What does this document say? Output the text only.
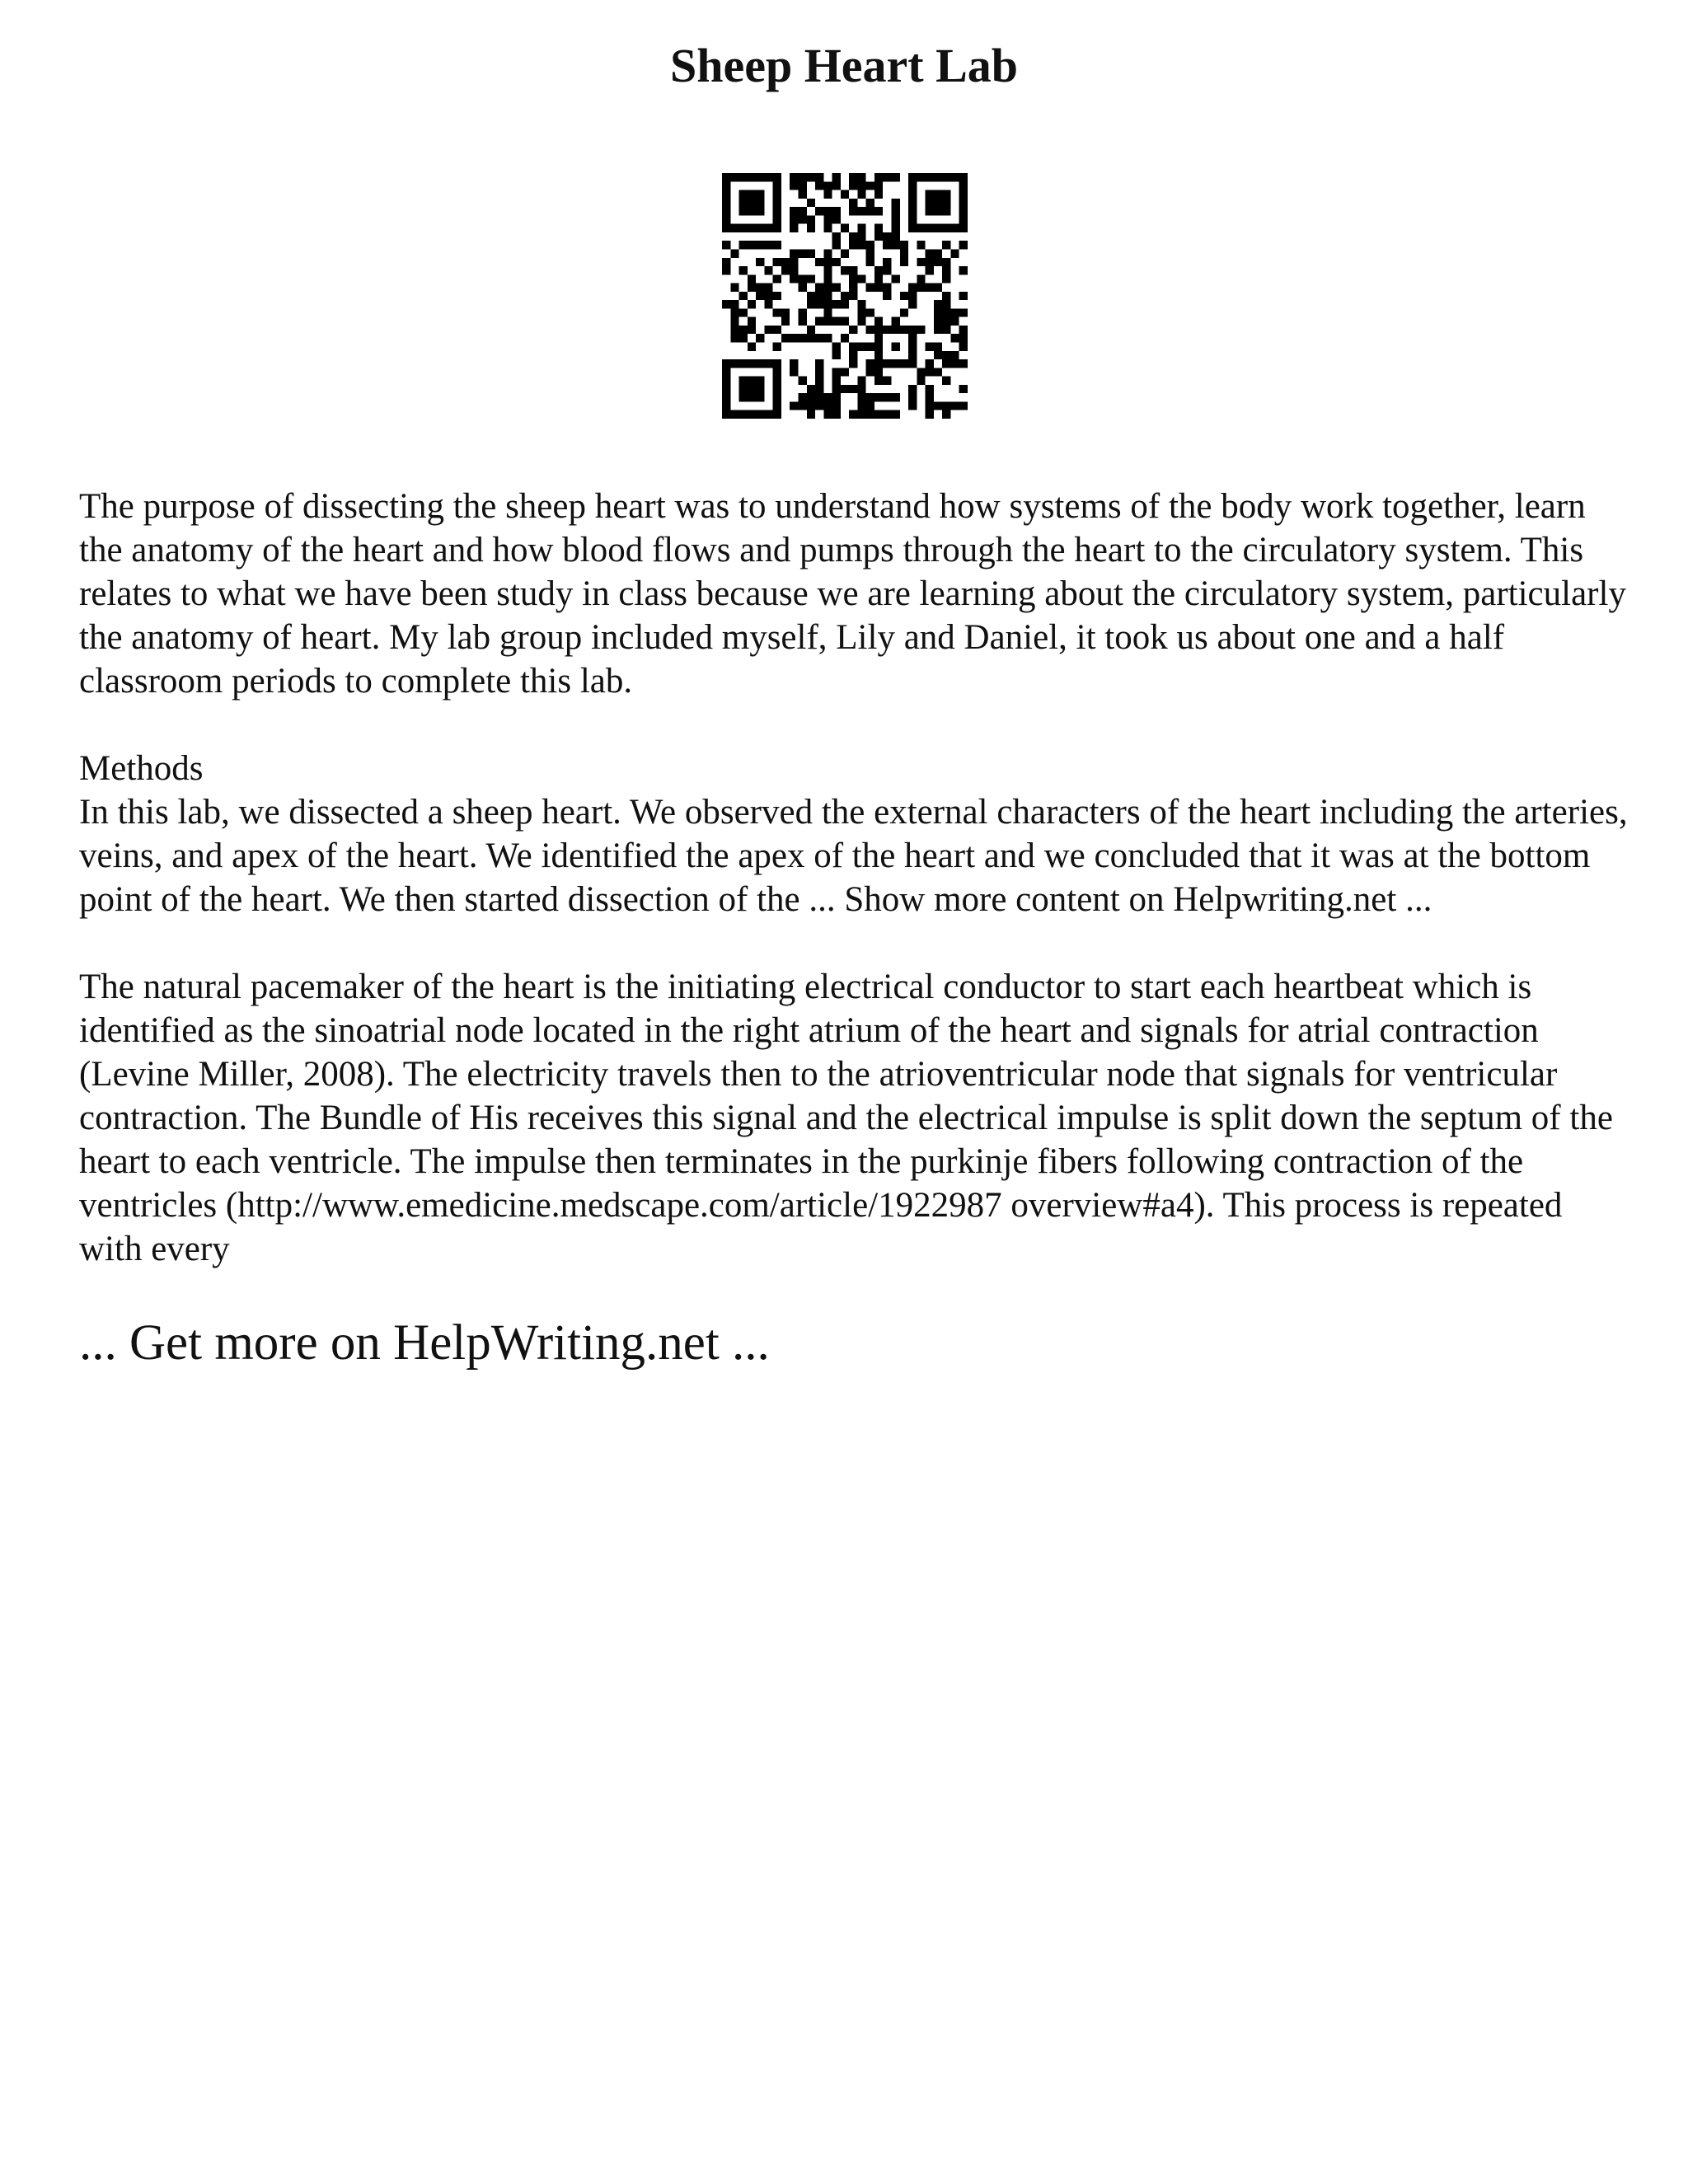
Sheep Heart Lab

The purpose of dissecting the sheep heart was to understand how systems of the body work together, learn the anatomy of the heart and how blood flows and pumps through the heart to the circulatory system. This relates to what we have been study in class because we are learning about the circulatory system, particularly the anatomy of heart. My lab group included myself, Lily and Daniel, it took us about one and a half classroom periods to complete this lab.

Methods

In this lab, we dissected a sheep heart. We observed the external characters of the heart including the arteries, veins, and apex of the heart. We identified the apex of the heart and we concluded that it was at the bottom point of the heart. We then started dissection of the ... Show more content on Helpwriting.net ...

The natural pacemaker of the heart is the initiating electrical conductor to start each heartbeat which is identified as the sinoatrial node located in the right atrium of the heart and signals for atrial contraction (Levine Miller, 2008). The electricity travels then to the atrioventricular node that signals for ventricular contraction. The Bundle of His receives this signal and the electrical impulse is split down the septum of the heart to each ventricle. The impulse then terminates in the purkinje fibers following contraction of the ventricles (http://www.emedicine.medscape.com/article/1922987 overview#a4). This process is repeated with every

... Get more on HelpWriting.net ...
